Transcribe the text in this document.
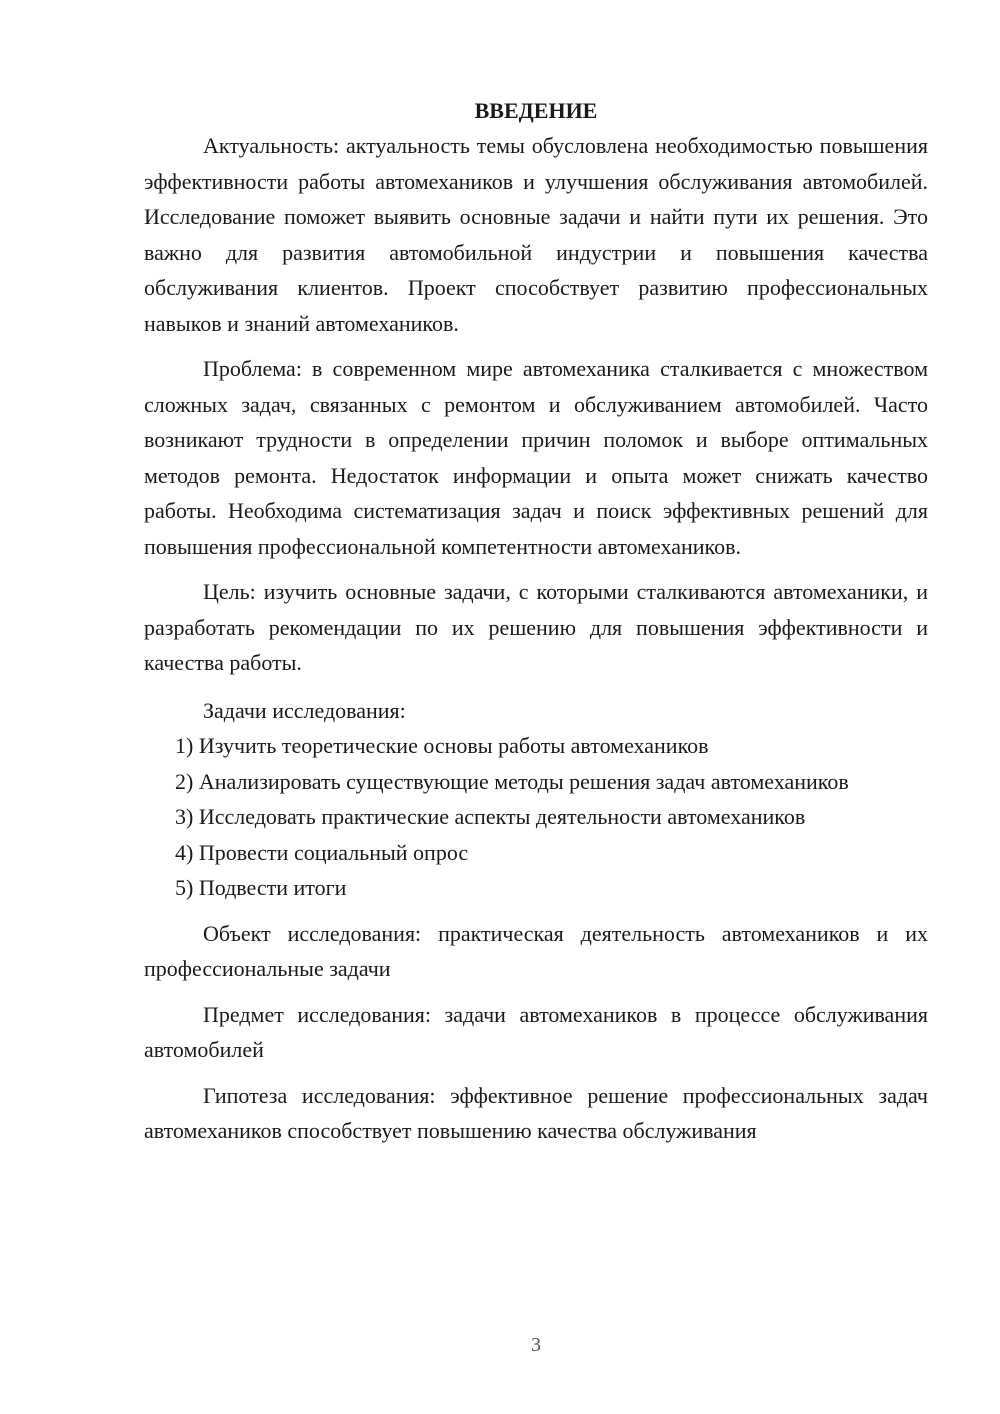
ВВЕДЕНИЕ

Актуальность: актуальность темы обусловлена необходимостью повышения эффективности работы автомехаников и улучшения обслуживания автомобилей. Исследование поможет выявить основные задачи и найти пути их решения. Это важно для развития автомобильной индустрии и повышения качества обслуживания клиентов. Проект способствует развитию профессиональных навыков и знаний автомехаников.

Проблема: в современном мире автомеханика сталкивается с множеством сложных задач, связанных с ремонтом и обслуживанием автомобилей. Часто возникают трудности в определении причин поломок и выборе оптимальных методов ремонта. Недостаток информации и опыта может снижать качество работы. Необходима систематизация задач и поиск эффективных решений для повышения профессиональной компетентности автомехаников.

Цель: изучить основные задачи, с которыми сталкиваются автомеханики, и разработать рекомендации по их решению для повышения эффективности и качества работы.

Задачи исследования:

1) Изучить теоретические основы работы автомехаников

2) Анализировать существующие методы решения задач автомехаников

3) Исследовать практические аспекты деятельности автомехаников

4) Провести социальный опрос

5) Подвести итоги

Объект исследования: практическая деятельность автомехаников и их профессиональные задачи

Предмет исследования: задачи автомехаников в процессе обслуживания автомобилей

Гипотеза исследования: эффективное решение профессиональных задач автомехаников способствует повышению качества обслуживания

3
